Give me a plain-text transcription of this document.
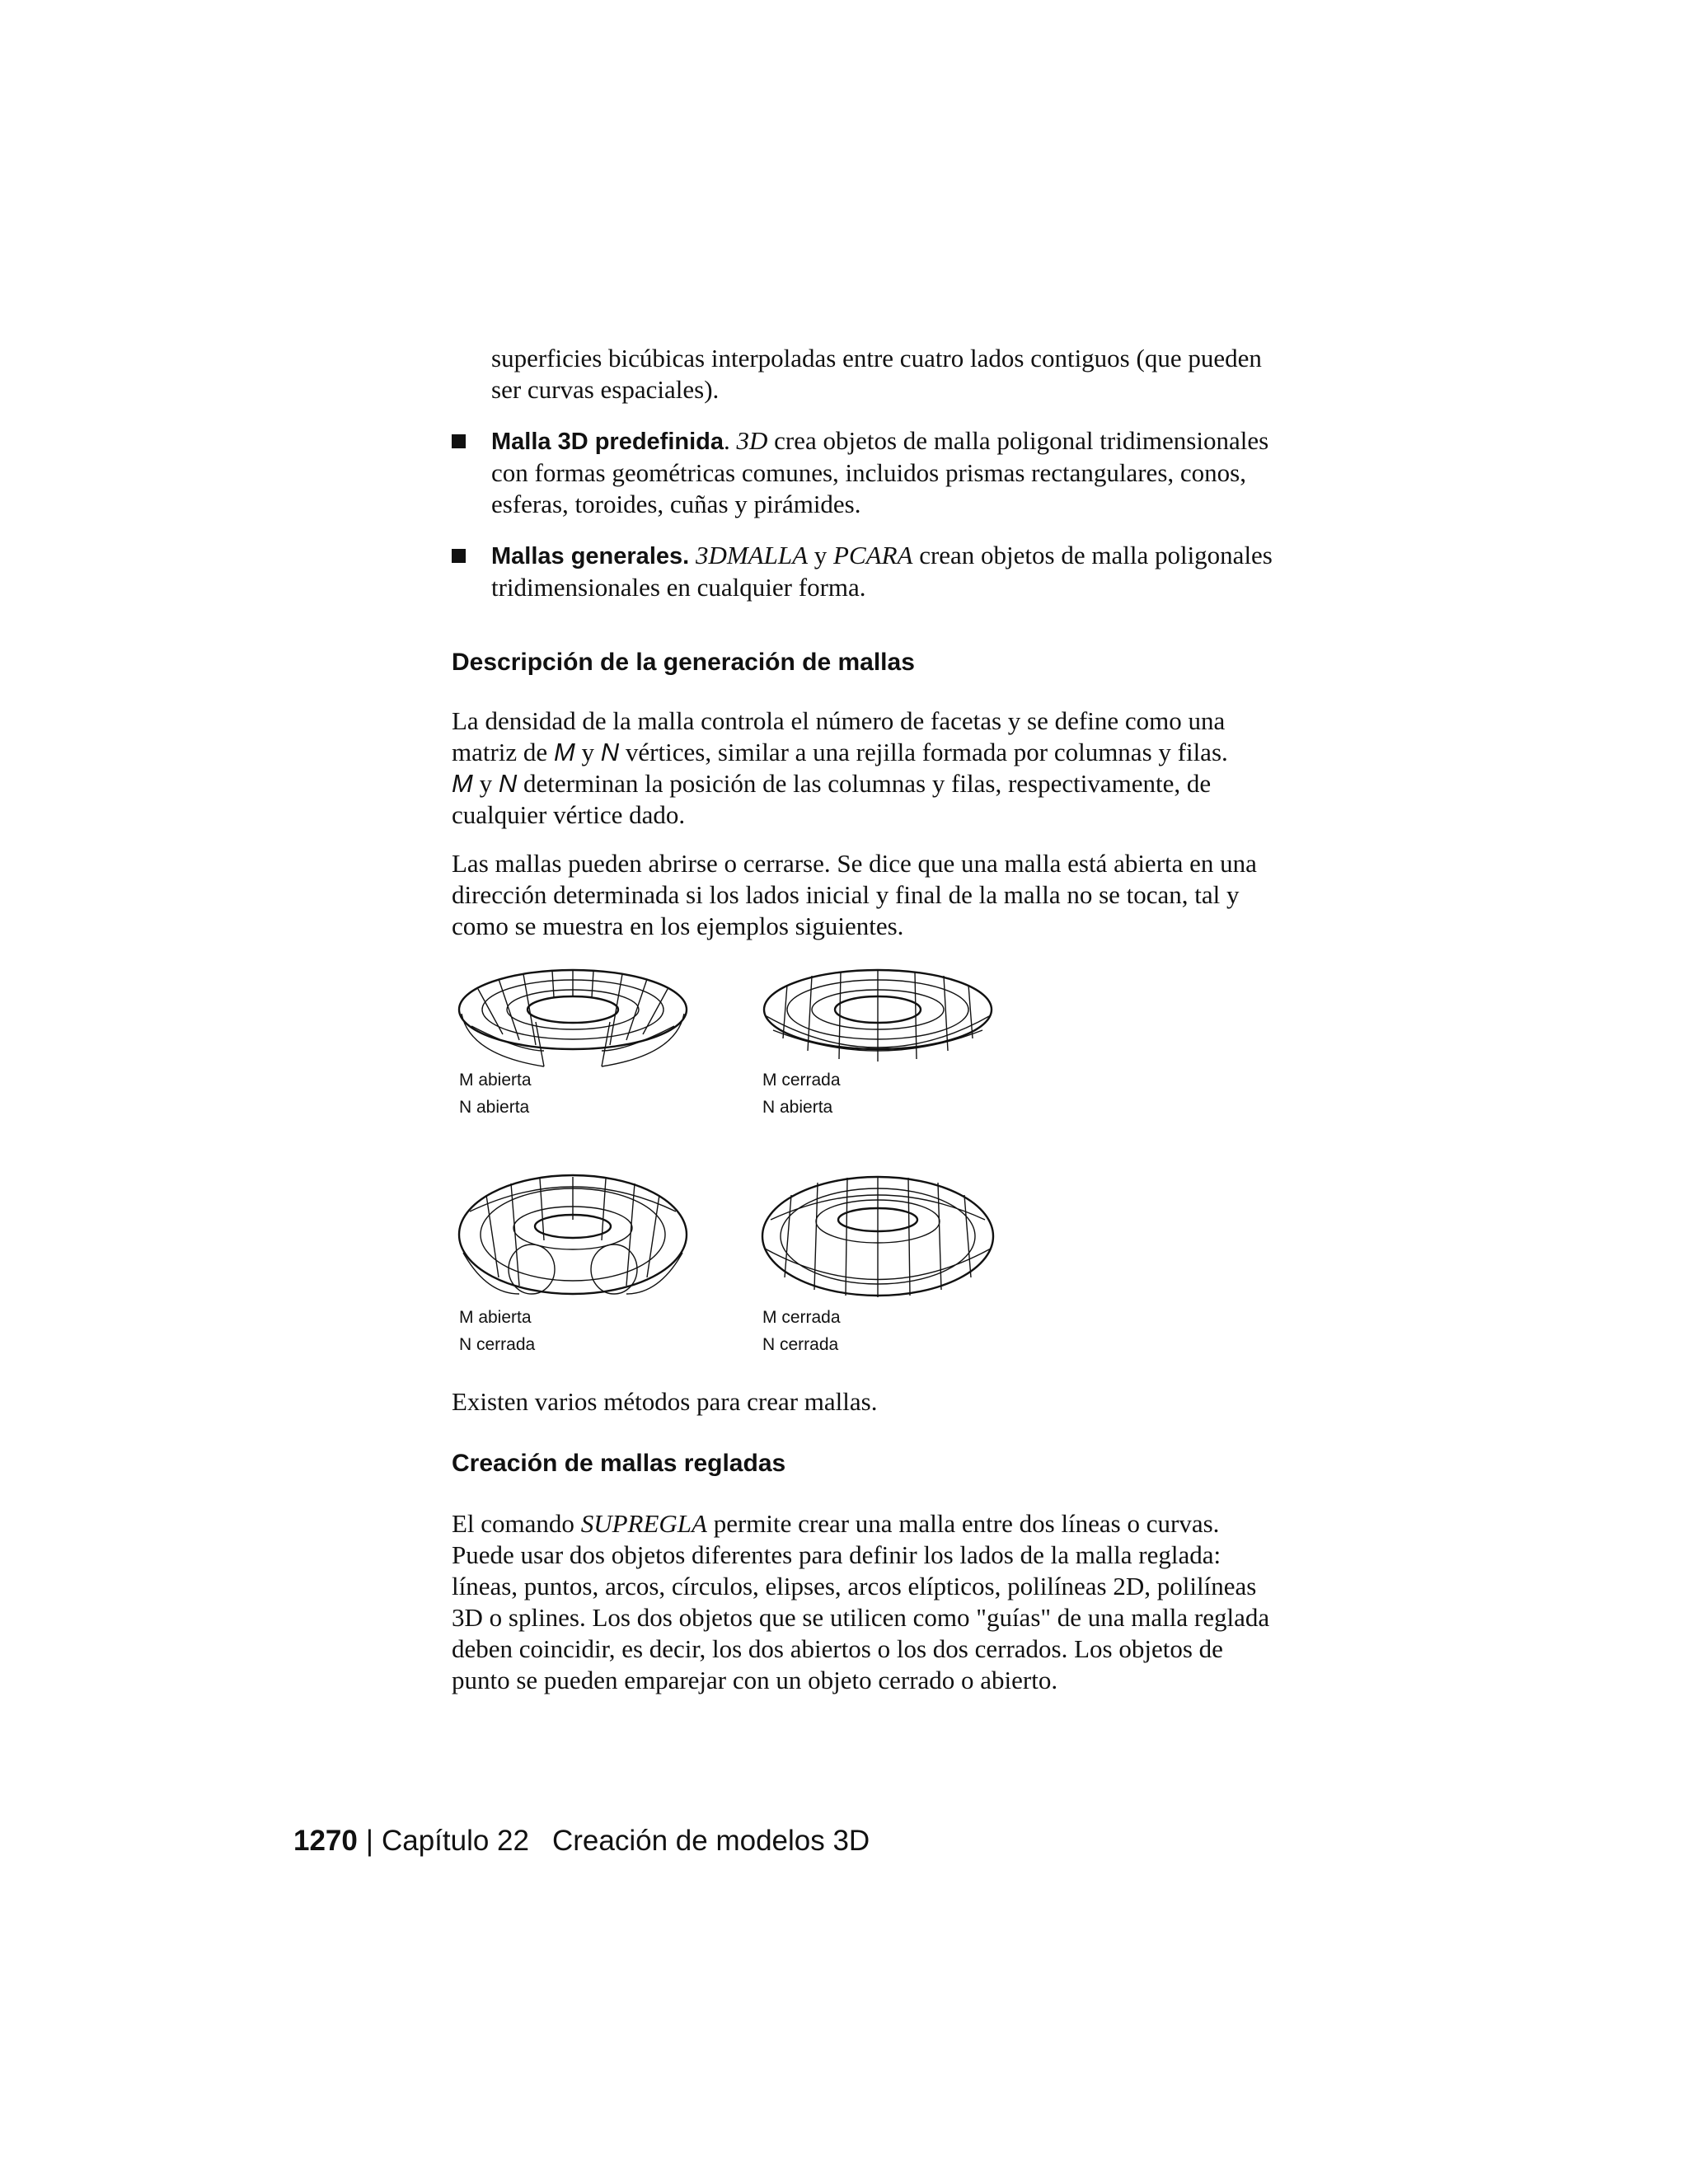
superficies bicúbicas interpoladas entre cuatro lados contiguos (que pueden

ser curvas espaciales).

Malla 3D predefinida. 3D crea objetos de malla poligonal tridimensionales
con formas geométricas comunes, incluidos prismas rectangulares, conos,
esferas, toroides, cuñas y pirámides.
Mallas generales. 3DMALLA y PCARA crean objetos de malla poligonales
tridimensionales en cualquier forma.
Descripción de la generación de mallas

La densidad de la malla controla el número de facetas y se define como una

matriz de M y N vértices, similar a una rejilla formada por columnas y filas.

M y N determinan la posición de las columnas y filas, respectivamente, de

cualquier vértice dado.

Las mallas pueden abrirse o cerrarse. Se dice que una malla está abierta en una

dirección determinada si los lados inicial y final de la malla no se tocan, tal y

como se muestra en los ejemplos siguientes.

M abierta
N abierta
M cerrada
N abierta
M abierta
N cerrada
M cerrada
N cerrada

Existen varios métodos para crear mallas.

Creación de mallas regladas

El comando SUPREGLA permite crear una malla entre dos líneas o curvas.

Puede usar dos objetos diferentes para definir los lados de la malla reglada:

líneas, puntos, arcos, círculos, elipses, arcos elípticos, polilíneas 2D, polilíneas

3D o splines. Los dos objetos que se utilicen como "guías" de una malla reglada

deben coincidir, es decir, los dos abiertos o los dos cerrados. Los objetos de

punto se pueden emparejar con un objeto cerrado o abierto.

1270 | Capítulo 22 Creación de modelos 3D
